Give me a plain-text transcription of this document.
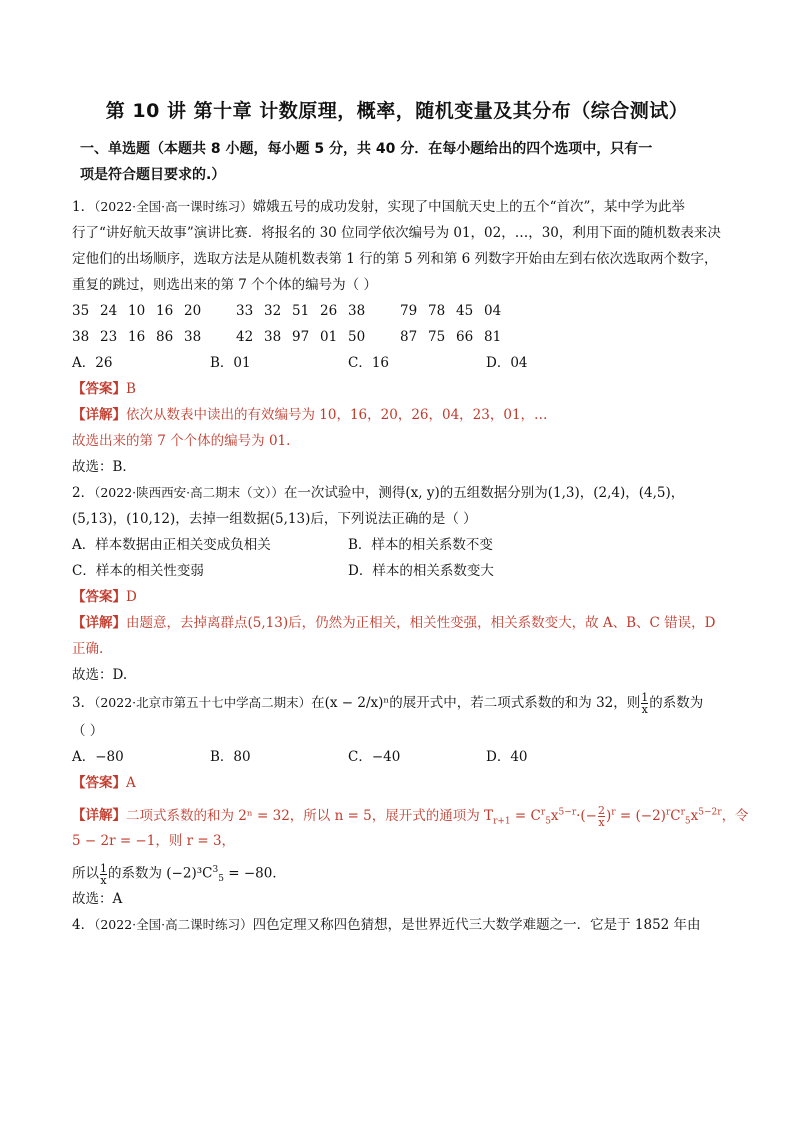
第 10 讲 第十章 计数原理，概率，随机变量及其分布（综合测试）
一、单选题（本题共 8 小题，每小题 5 分，共 40 分．在每小题给出的四个选项中，只有一
项是符合题目要求的.）
1．（2022·全国·高一课时练习）嫦娥五号的成功发射，实现了中国航天史上的五个“首次”，某中学为此举
行了“讲好航天故事”演讲比赛．将报名的 30 位同学依次编号为 01，02，…，30，利用下面的随机数表来决
定他们的出场顺序，选取方法是从随机数表第 1 行的第 5 列和第 6 列数字开始由左到右依次选取两个数字，
重复的跳过，则选出来的第 7 个个体的编号为（ ）
35 24 10 16 20	33 32 51 26 38	79 78 45 04
38 23 16 86 38	42 38 97 01 50	87 75 66 81
A．26	B．01	C．16	D．04
【答案】B
【详解】依次从数表中读出的有效编号为 10，16，20，26，04，23，01，…
故选出来的第 7 个个体的编号为 01.
故选：B．
2．（2022·陕西西安·高二期末（文））在一次试验中，测得(x, y)的五组数据分别为(1,3)，(2,4)，(4,5)，
(5,13)，(10,12)，去掉一组数据(5,13)后，下列说法正确的是（ ）
A．样本数据由正相关变成负相关	B．样本的相关系数不变
C．样本的相关性变弱	D．样本的相关系数变大
【答案】D
【详解】由题意，去掉离群点(5,13)后，仍然为正相关，相关性变强，相关系数变大，故 A、B、C 错误，D
正确.
故选：D.
3．（2022·北京市第五十七中学高二期末）在(x − 2/x)ⁿ的展开式中，若二项式系数的和为 32，则 $\frac{1}{x}$ 的系数为
（ ）
A．−80	B．80	C．−40	D．40
【答案】A
【详解】二项式系数的和为 2ⁿ = 32，所以 n = 5，展开式的通项为 $T_{r+1} = C^r_5x^{5-r}\cdot(- \frac{2}{x} )^r = (-2)^rC^r_5x^{5-2r}$，令
5 − 2r = −1，则 r = 3，
所以 $\frac{1}{x}$ 的系数为 $(-2)^3C^3_5 = -80$．
故选：A
4．（2022·全国·高二课时练习）四色定理又称四色猜想，是世界近代三大数学难题之一．它是于 1852 年由
